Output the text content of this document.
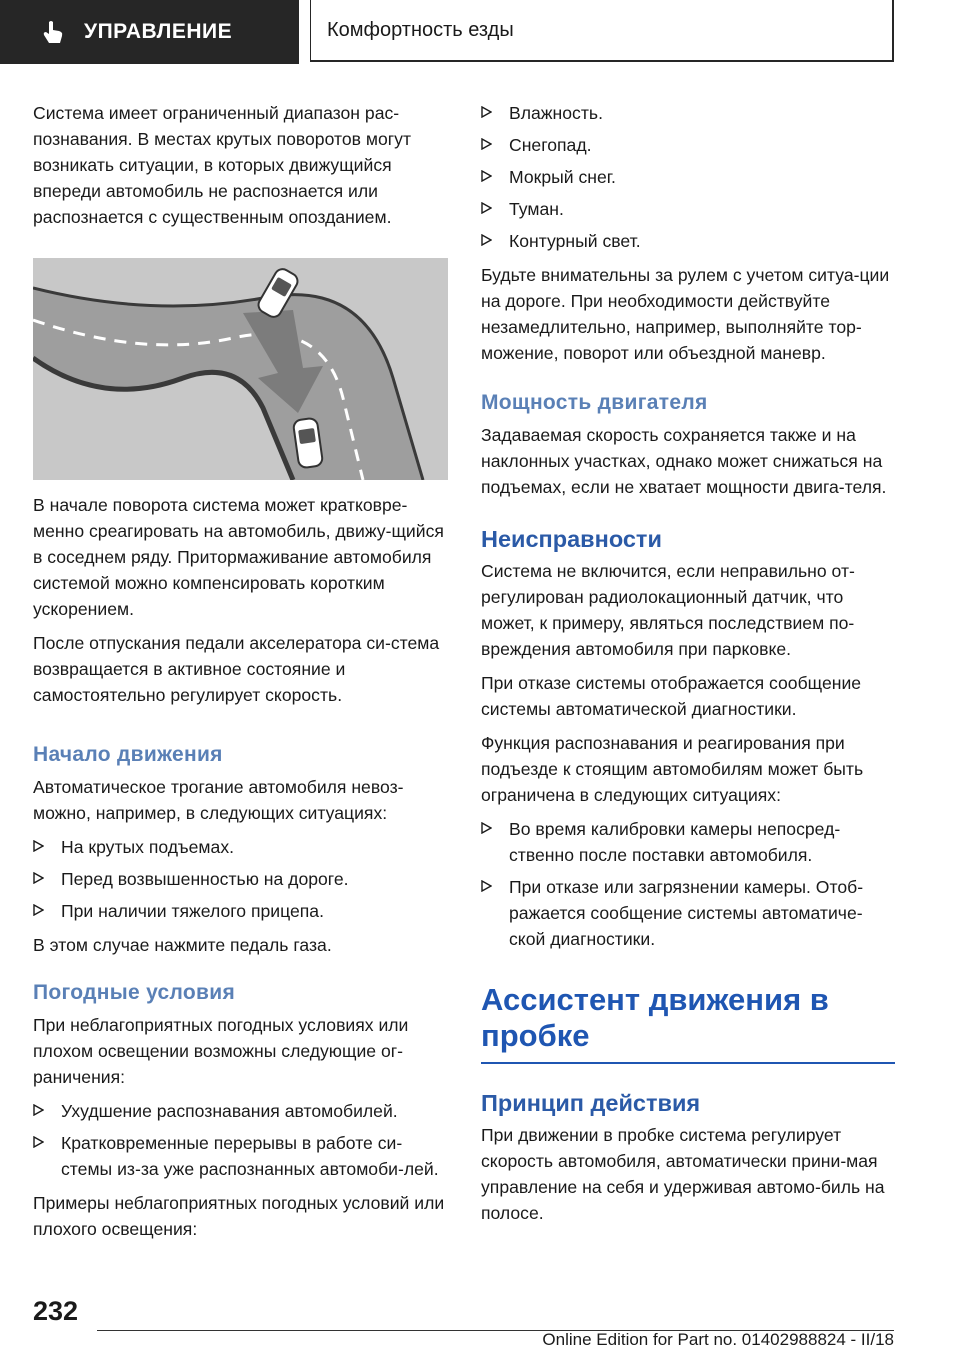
УПРАВЛЕНИЕ	Комфортность езды

Система имеет ограниченный диапазон рас-познавания. В местах крутых поворотов могут возникать ситуации, в которых движущийся впереди автомобиль не распознается или распознается с существенным опозданием.

В начале поворота система может кратковре-менно среагировать на автомобиль, движу-щийся в соседнем ряду. Притормаживание автомобиля системой можно компенсировать коротким ускорением.

После отпускания педали акселератора си-стема возвращается в активное состояние и самостоятельно регулирует скорость.

Начало движения

Автоматическое трогание автомобиля невоз-можно, например, в следующих ситуациях:

На крутых подъемах.
Перед возвышенностью на дороге.
При наличии тяжелого прицепа.

В этом случае нажмите педаль газа.

Погодные условия

При неблагоприятных погодных условиях или плохом освещении возможны следующие ог-раничения:

Ухудшение распознавания автомобилей.
Кратковременные перерывы в работе си-стемы из-за уже распознанных автомоби-лей.

Примеры неблагоприятных погодных условий или плохого освещения:

Влажность.
Снегопад.
Мокрый снег.
Туман.
Контурный свет.

Будьте внимательны за рулем с учетом ситуа-ции на дороге. При необходимости действуйте незамедлительно, например, выполняйте тор-можение, поворот или объездной маневр.

Мощность двигателя

Задаваемая скорость сохраняется также и на наклонных участках, однако может снижаться на подъемах, если не хватает мощности двига-теля.

Неисправности

Система не включится, если неправильно от-регулирован радиолокационный датчик, что может, к примеру, являться последствием по-вреждения автомобиля при парковке.

При отказе системы отображается сообщение системы автоматической диагностики.

Функция распознавания и реагирования при подъезде к стоящим автомобилям может быть ограничена в следующих ситуациях:

Во время калибровки камеры непосред-ственно после поставки автомобиля.
При отказе или загрязнении камеры. Отоб-ражается сообщение системы автоматиче-ской диагностики.
Ассистент движения в пробке
Принцип действия

При движении в пробке система регулирует скорость автомобиля, автоматически прини-мая управление на себя и удерживая автомо-биль на полосе.

232
Online Edition for Part no. 01402988824 - II/18
